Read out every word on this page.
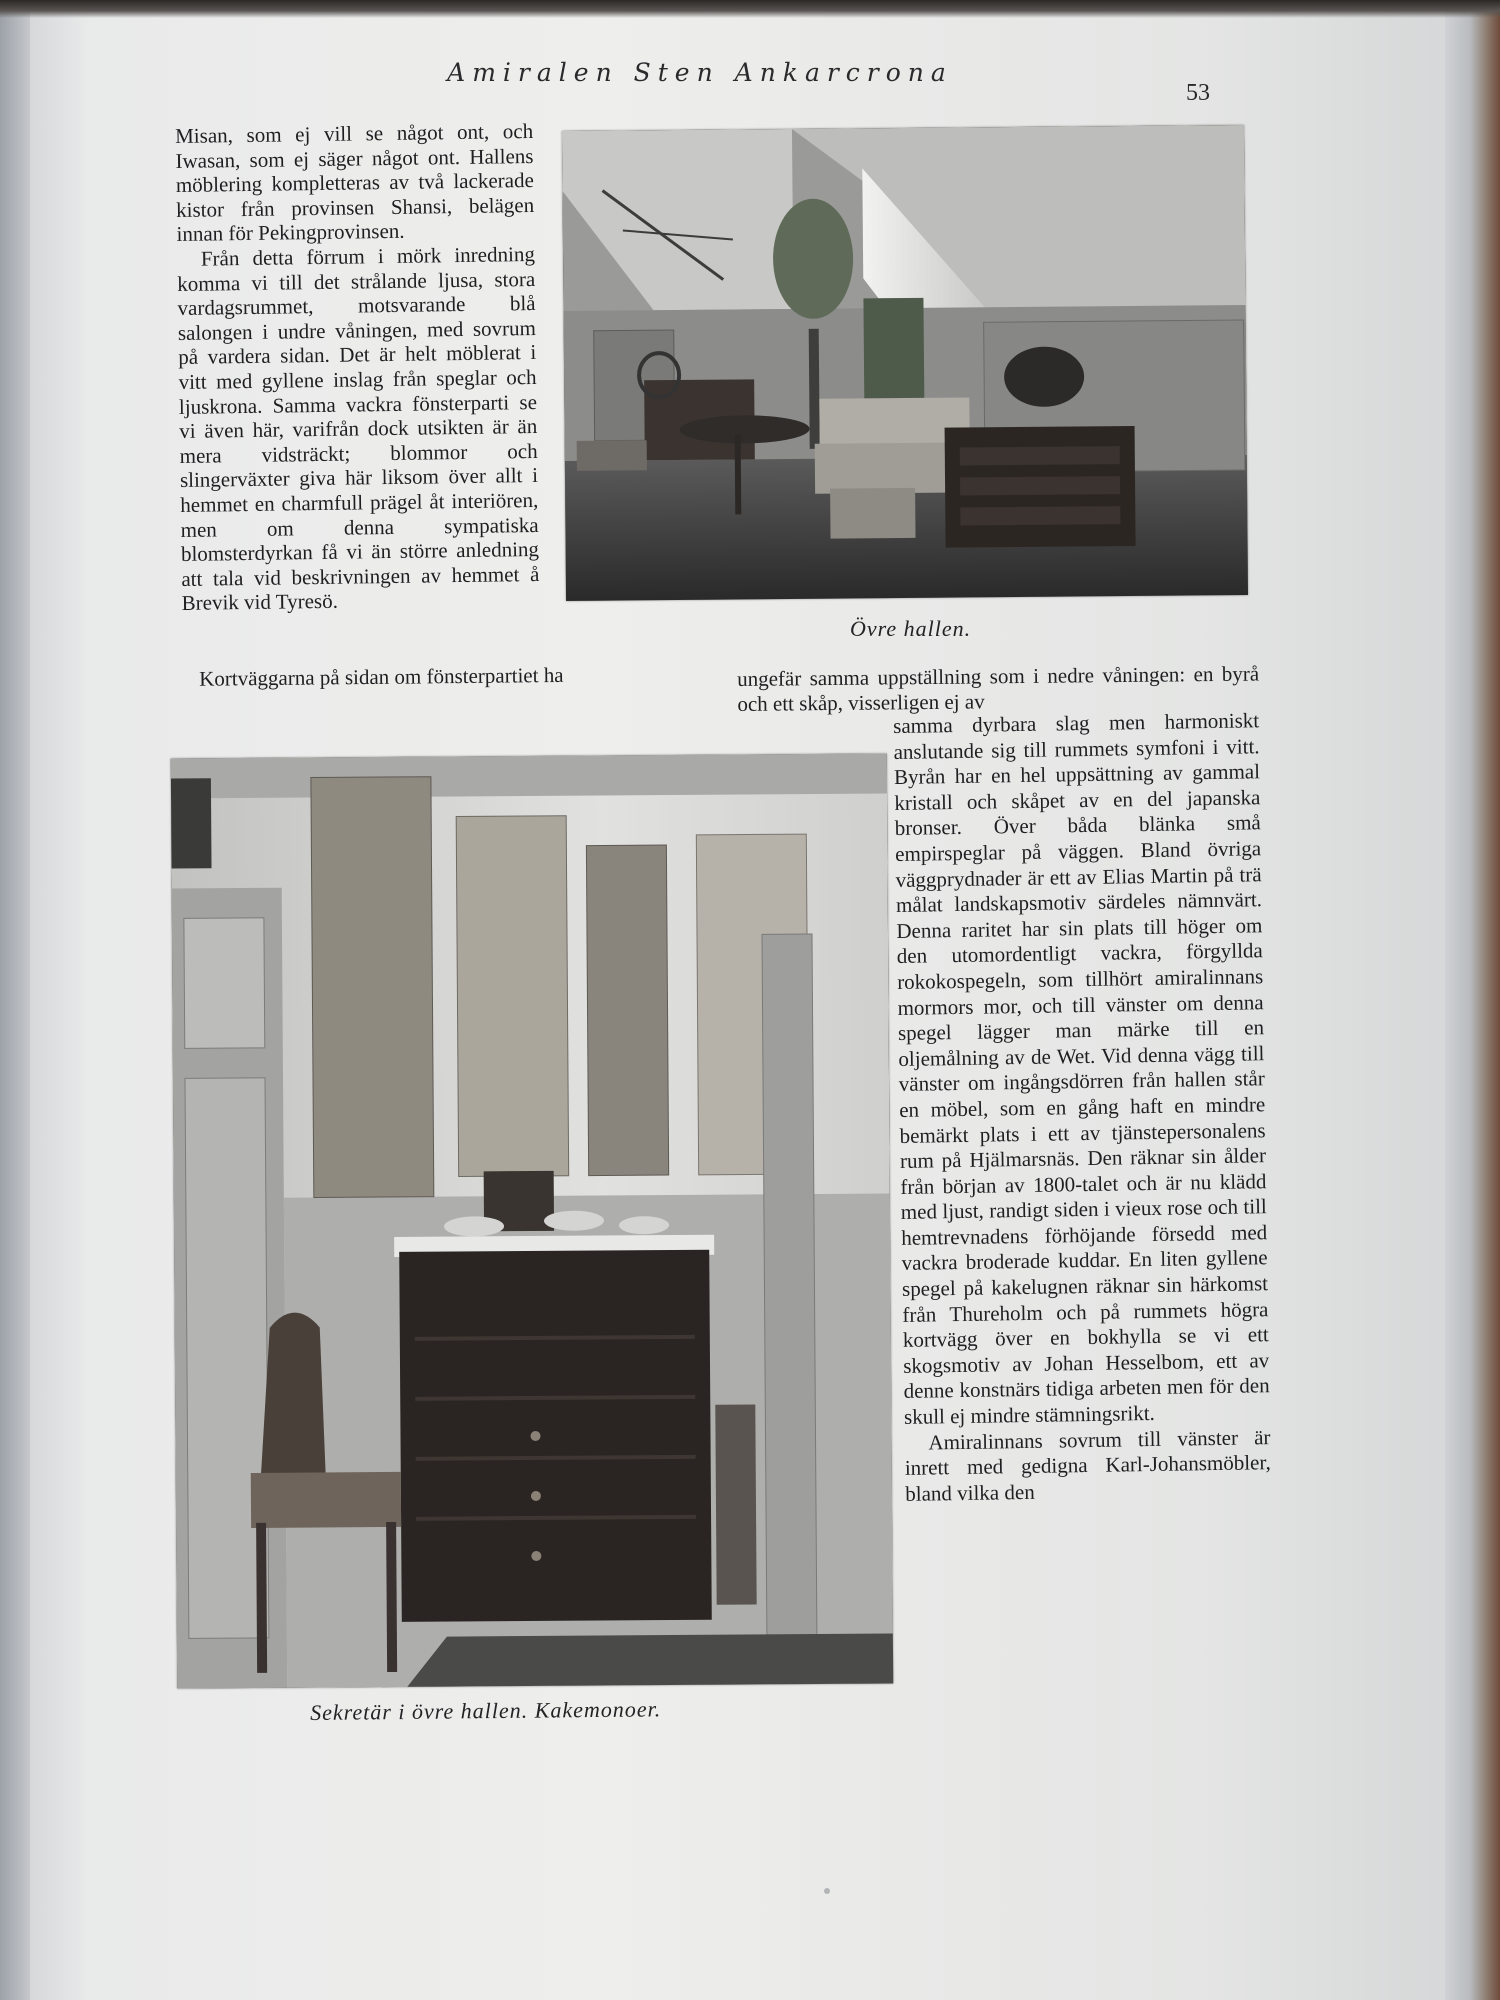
Amiralen Sten Ankarcrona
53

Misan, som ej vill se något ont, och Iwasan, som ej säger något ont. Hallens möblering kompletteras av två lackerade kistor från provinsen Shansi, belägen innan för Pekingprovinsen.

Från detta förrum i mörk inredning komma vi till det strålande ljusa, stora vardagsrummet, motsvarande blå salongen i undre våningen, med sovrum på vardera sidan. Det är helt möblerat i vitt med gyllene inslag från speglar och ljuskrona. Samma vackra fönsterparti se vi även här, varifrån dock utsikten är än mera vidsträckt; blommor och slingerväxter giva här liksom över allt i hemmet en charmfull prägel åt interiören, men om denna sympatiska blomsterdyrkan få vi än större anledning att tala vid beskrivningen av hemmet å Brevik vid Tyresö.

Kortväggarna på sidan om fönsterpartiet ha	ungefär samma uppställning som i nedre våningen: en byrå och ett skåp, visserligen ej av

samma dyrbara slag men harmoniskt anslutande sig till rummets symfoni i vitt. Byrån har en hel uppsättning av gammal kristall och skåpet av en del japanska bronser. Över båda blänka små empirspeglar på väggen. Bland övriga väggprydnader är ett av Elias Martin på trä målat landskapsmotiv särdeles nämnvärt. Denna raritet har sin plats till höger om den utomordentligt vackra, förgyllda rokokospegeln, som tillhört amiralinnans mormors mor, och till vänster om denna spegel lägger man märke till en oljemålning av de Wet. Vid denna vägg till vänster om ingångsdörren från hallen står en möbel, som en gång haft en mindre bemärkt plats i ett av tjänstepersonalens rum på Hjälmarsnäs. Den räknar sin ålder från början av 1800-talet och är nu klädd med ljust, randigt siden i vieux rose och till hemtrevnadens förhöjande försedd med vackra broderade kuddar. En liten gyllene spegel på kakelugnen räknar sin härkomst från Thureholm och på rummets högra kortvägg över en bokhylla se vi ett skogsmotiv av Johan Hesselbom, ett av denne konstnärs tidiga arbeten men för den skull ej mindre stämningsrikt.

Amiralinnans sovrum till vänster är inrett med gedigna Karl-Johansmöbler, bland vilka den

Övre hallen.
Sekretär i övre hallen. Kakemonoer.
